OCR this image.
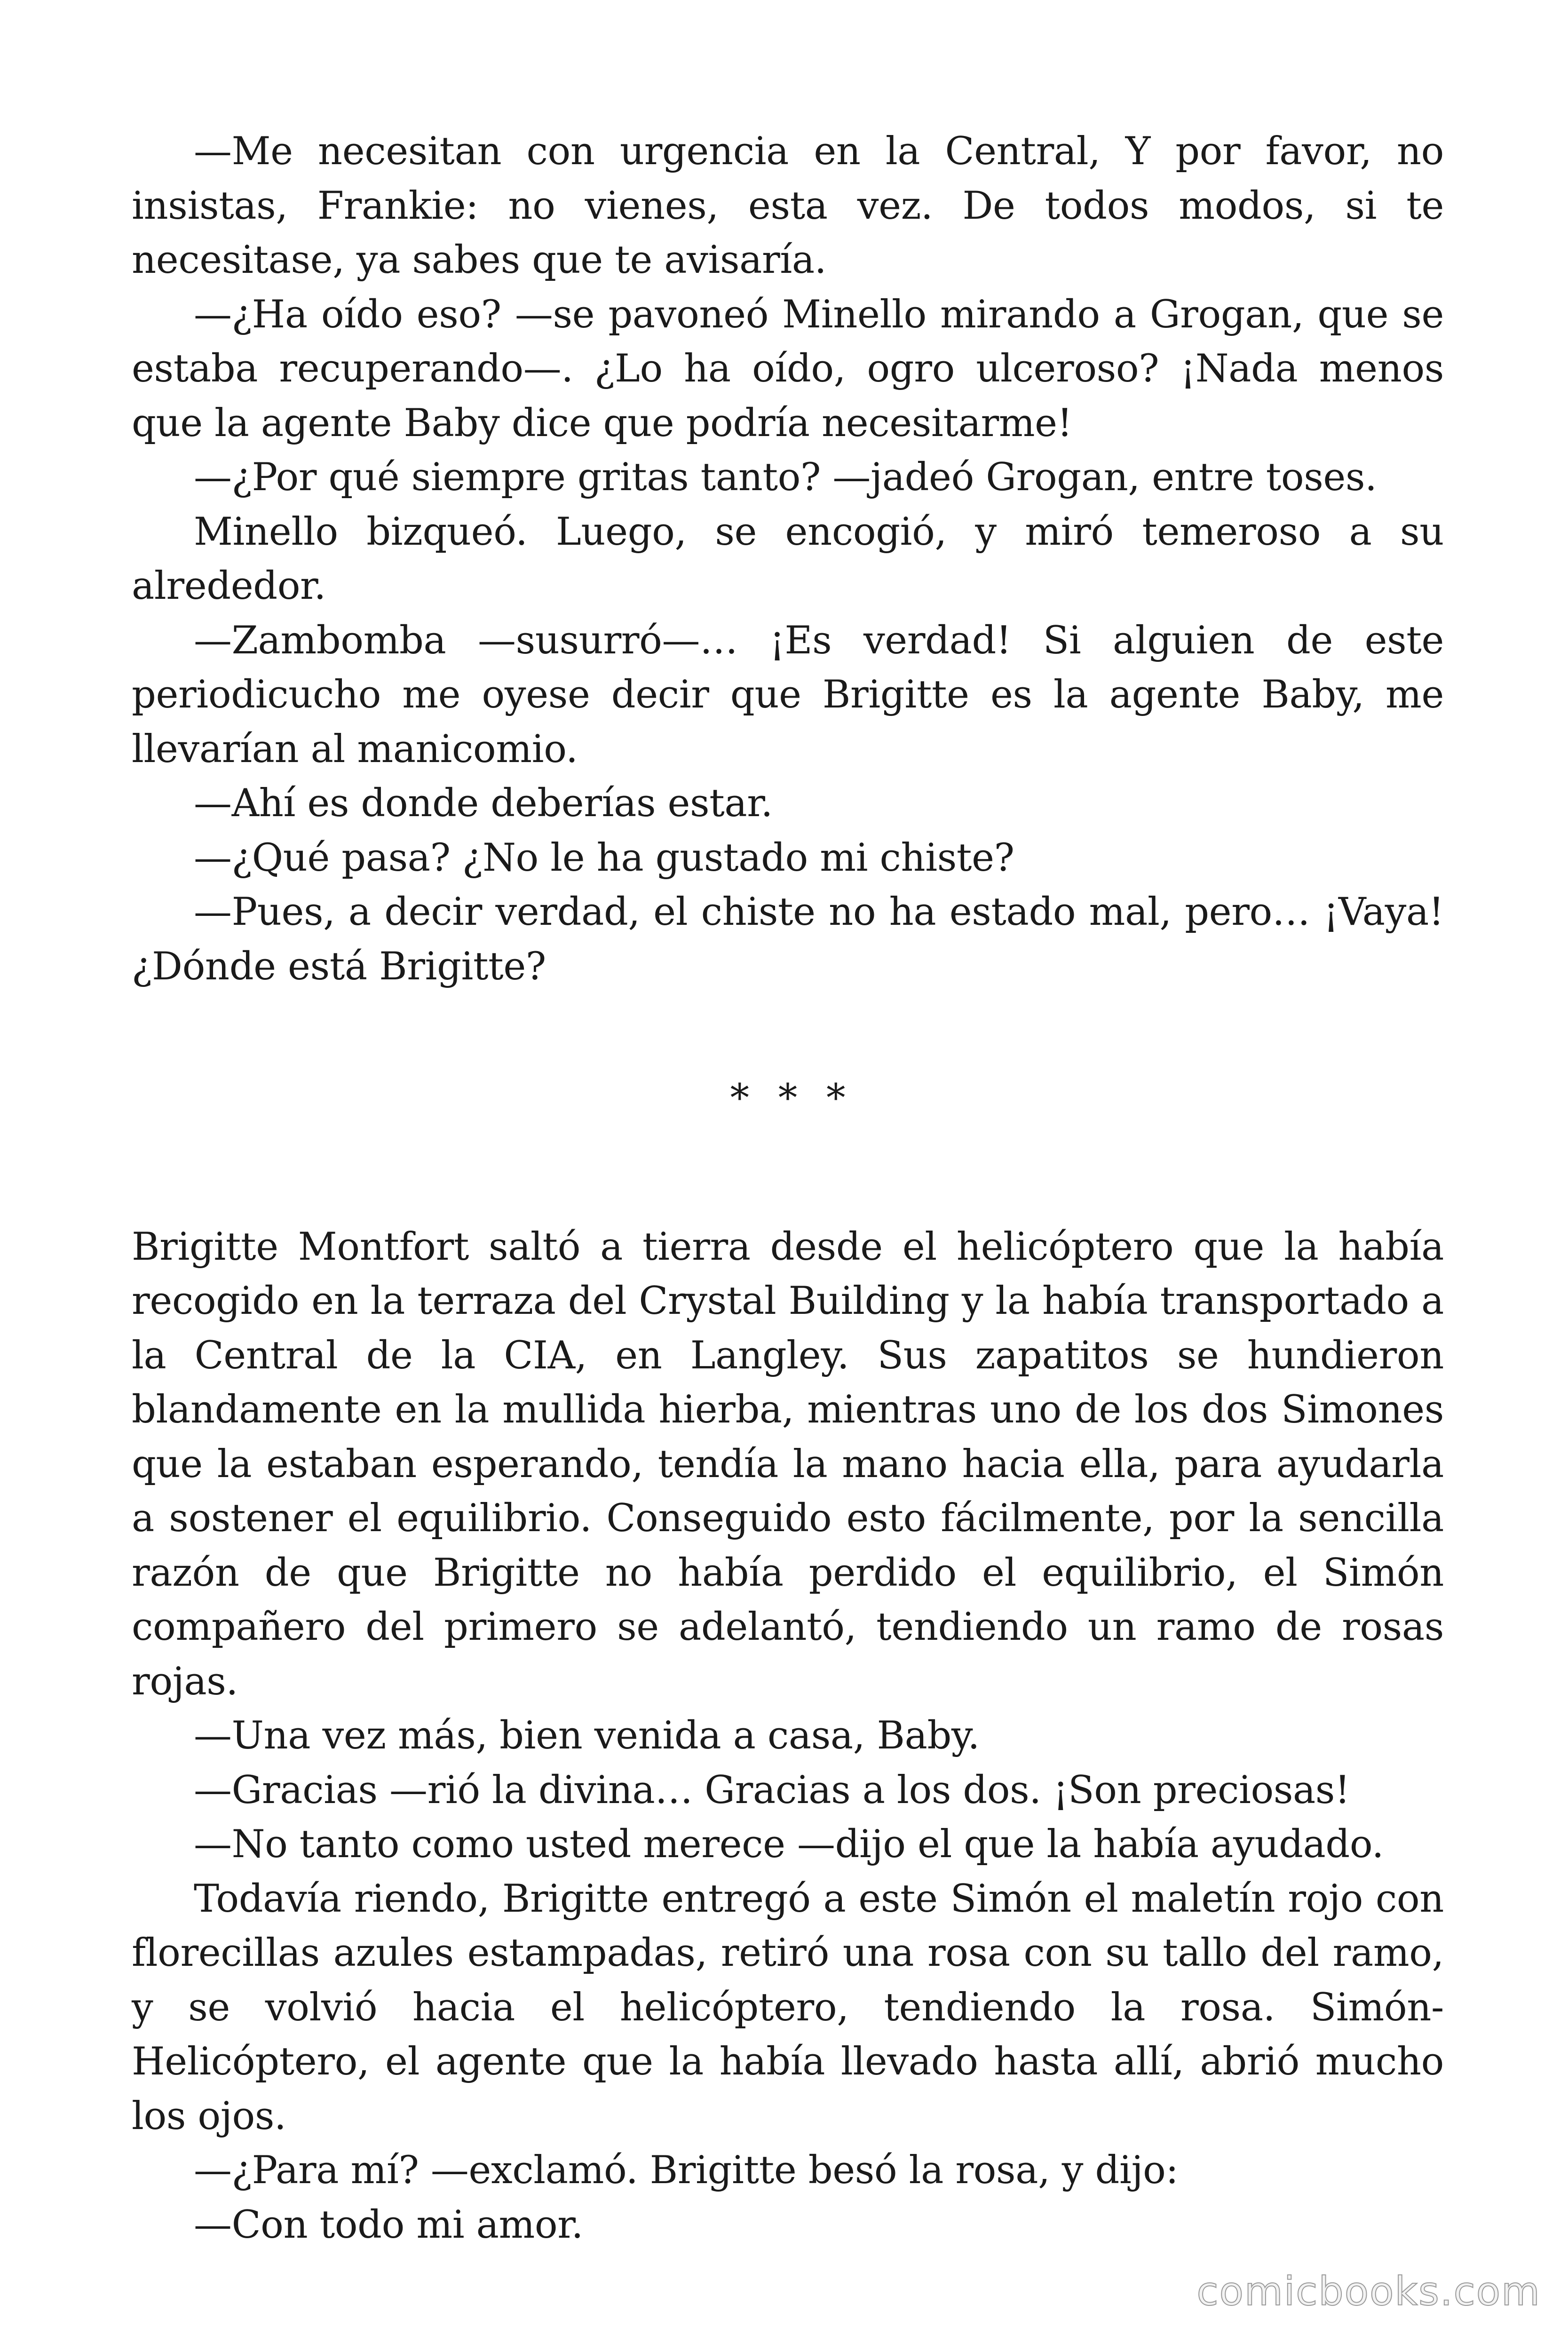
—Me necesitan con urgencia en la Central, Y por favor, no insistas, Frankie: no vienes, esta vez. De todos modos, si te necesitase, ya sabes que te avisaría.

—¿Ha oído eso? —se pavoneó Minello mirando a Grogan, que se estaba recuperando—. ¿Lo ha oído, ogro ulceroso? ¡Nada menos que la agente Baby dice que podría necesitarme!

—¿Por qué siempre gritas tanto? —jadeó Grogan, entre toses.

Minello bizqueó. Luego, se encogió, y miró temeroso a su alrededor.

—Zambomba —susurró—… ¡Es verdad! Si alguien de este periodicucho me oyese decir que Brigitte es la agente Baby, me llevarían al manicomio.

—Ahí es donde deberías estar.

—¿Qué pasa? ¿No le ha gustado mi chiste?

—Pues, a decir verdad, el chiste no ha estado mal, pero… ¡Vaya! ¿Dónde está Brigitte?

* * *

Brigitte Montfort saltó a tierra desde el helicóptero que la había recogido en la terraza del Crystal Building y la había transportado a la Central de la CIA, en Langley. Sus zapatitos se hundieron blandamente en la mullida hierba, mientras uno de los dos Simones que la estaban esperando, tendía la mano hacia ella, para ayudarla a sostener el equilibrio. Conseguido esto fácilmente, por la sencilla razón de que Brigitte no había perdido el equilibrio, el Simón compañero del primero se adelantó, tendiendo un ramo de rosas rojas.

—Una vez más, bien venida a casa, Baby.

—Gracias —rió la divina… Gracias a los dos. ¡Son preciosas!

—No tanto como usted merece —dijo el que la había ayudado.

Todavía riendo, Brigitte entregó a este Simón el maletín rojo con florecillas azules estampadas, retiró una rosa con su tallo del ramo, y se volvió hacia el helicóptero, tendiendo la rosa. Simón-Helicóptero, el agente que la había llevado hasta allí, abrió mucho los ojos.

—¿Para mí? —exclamó. Brigitte besó la rosa, y dijo:

—Con todo mi amor.

comicbooks.com
